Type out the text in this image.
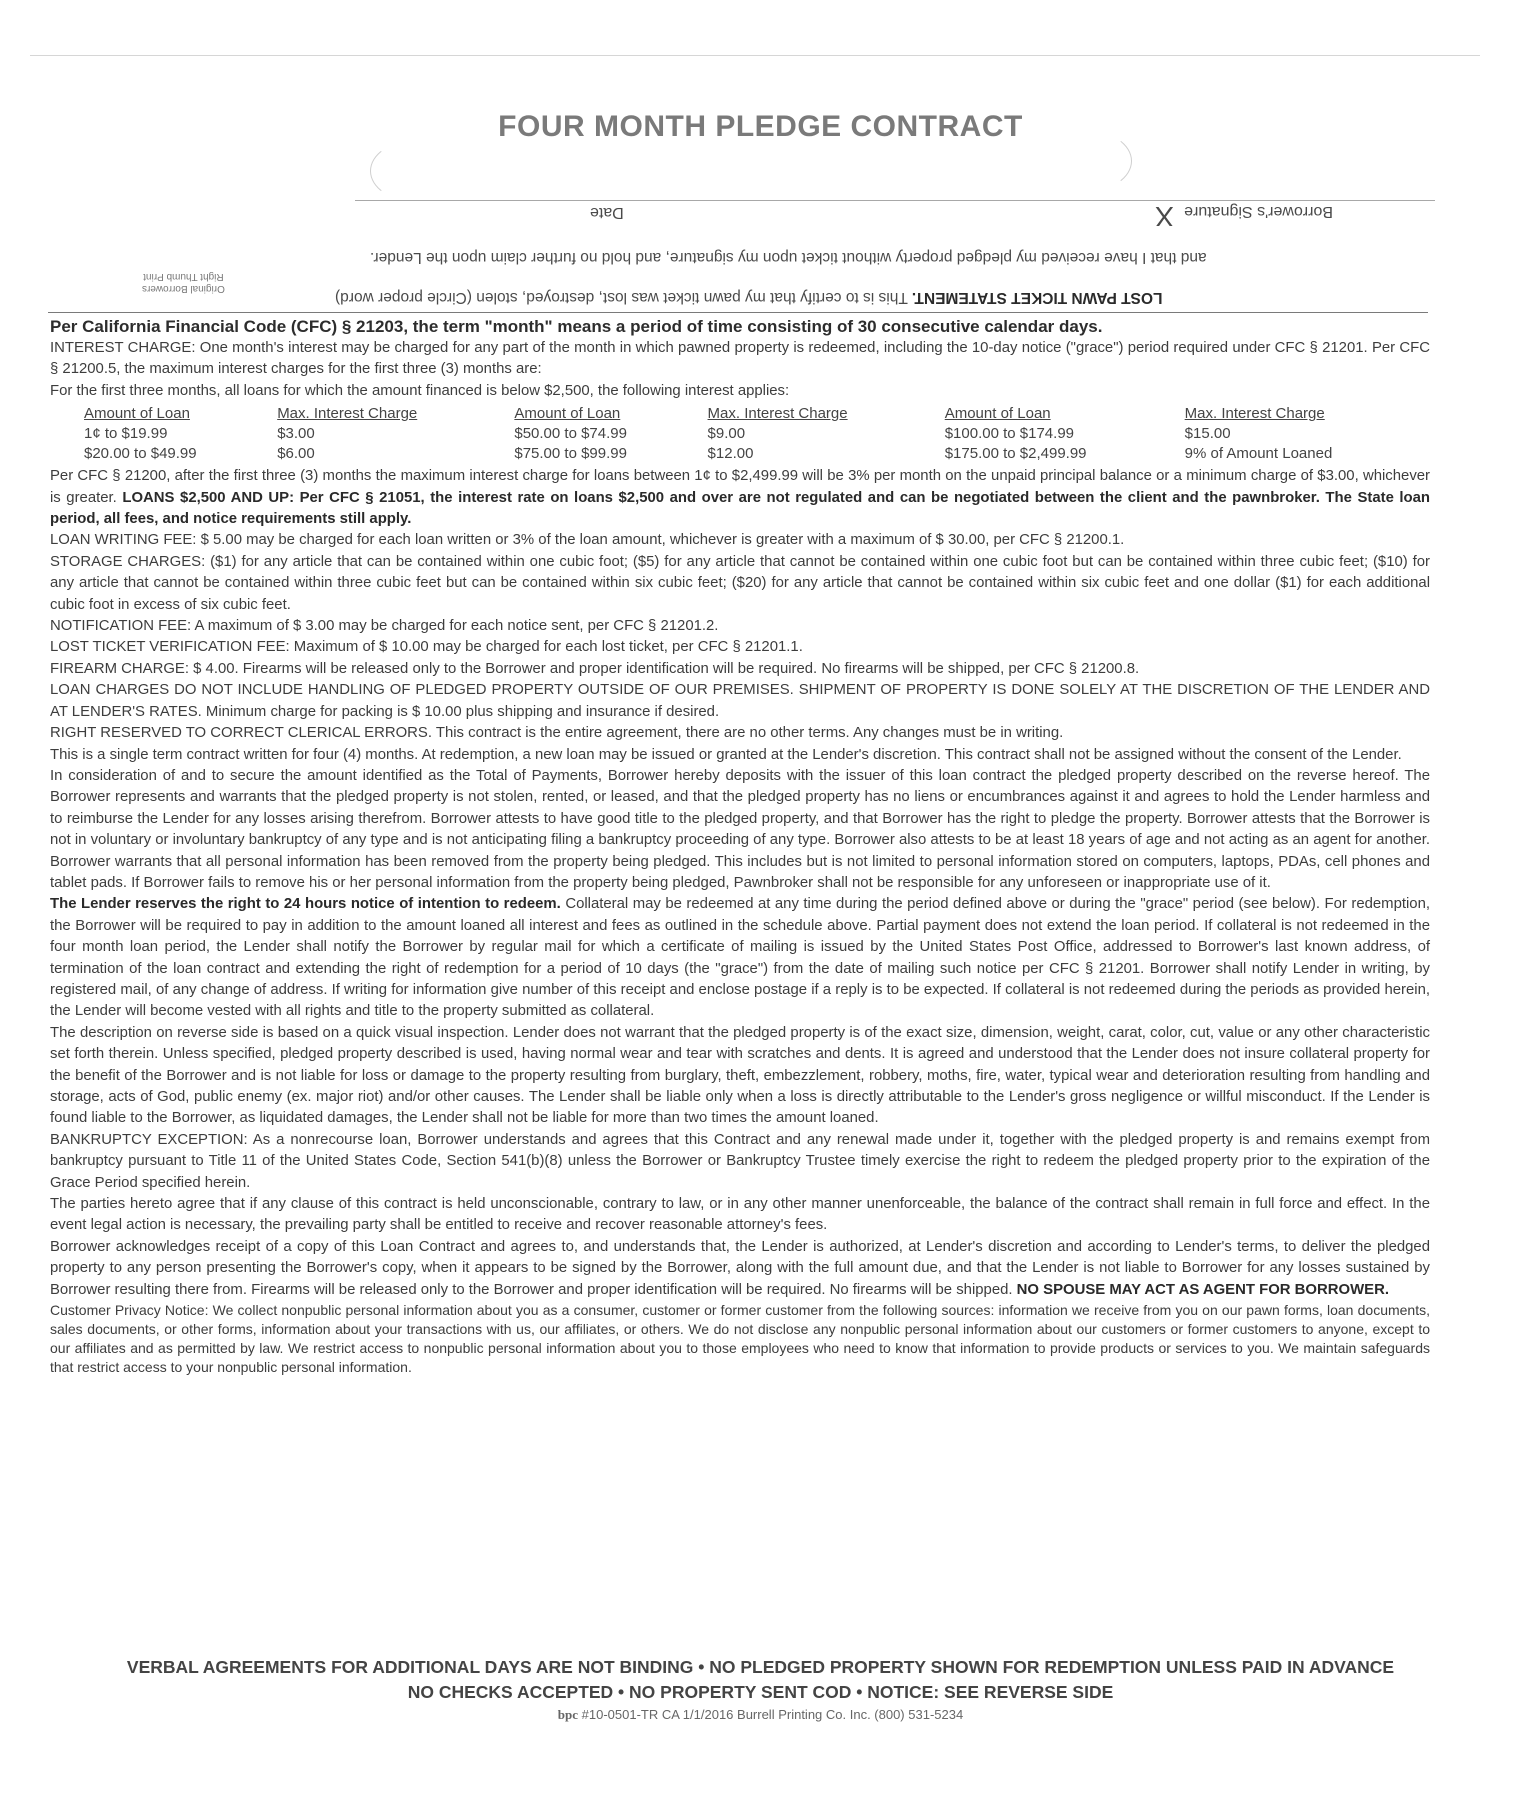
FOUR MONTH PLEDGE CONTRACT
Borrower's Signature X
Date
and that I have received my pledged property without ticket upon my signature, and hold no further claim upon the Lender.
LOST PAWN TICKET STATEMENT. This is to certify that my pawn ticket was lost, destroyed, stolen (Circle proper word)
Original Borrowers
Right Thumb Print

Per California Financial Code (CFC) § 21203, the term "month" means a period of time consisting of 30 consecutive calendar days.

INTEREST CHARGE: One month's interest may be charged for any part of the month in which pawned property is redeemed, including the 10-day notice ("grace") period required under CFC § 21201. Per CFC § 21200.5, the maximum interest charges for the first three (3) months are:

For the first three months, all loans for which the amount financed is below $2,500, the following interest applies:

Amount of Loan	Max. Interest Charge	Amount of Loan	Max. Interest Charge	Amount of Loan	Max. Interest Charge
1¢ to $19.99	$3.00	$50.00 to $74.99	$9.00	$100.00 to $174.99	$15.00
$20.00 to $49.99	$6.00	$75.00 to $99.99	$12.00	$175.00 to $2,499.99	9% of Amount Loaned

Per CFC § 21200, after the first three (3) months the maximum interest charge for loans between 1¢ to $2,499.99 will be 3% per month on the unpaid principal balance or a minimum charge of $3.00, whichever is greater. LOANS $2,500 AND UP: Per CFC § 21051, the interest rate on loans $2,500 and over are not regulated and can be negotiated between the client and the pawnbroker. The State loan period, all fees, and notice requirements still apply.

LOAN WRITING FEE: $ 5.00 may be charged for each loan written or 3% of the loan amount, whichever is greater with a maximum of $ 30.00, per CFC § 21200.1.

STORAGE CHARGES: ($1) for any article that can be contained within one cubic foot; ($5) for any article that cannot be contained within one cubic foot but can be contained within three cubic feet; ($10) for any article that cannot be contained within three cubic feet but can be contained within six cubic feet; ($20) for any article that cannot be contained within six cubic feet and one dollar ($1) for each additional cubic foot in excess of six cubic feet.

NOTIFICATION FEE: A maximum of $ 3.00 may be charged for each notice sent, per CFC § 21201.2.

LOST TICKET VERIFICATION FEE: Maximum of $ 10.00 may be charged for each lost ticket, per CFC § 21201.1.

FIREARM CHARGE: $ 4.00. Firearms will be released only to the Borrower and proper identification will be required. No firearms will be shipped, per CFC § 21200.8.

LOAN CHARGES DO NOT INCLUDE HANDLING OF PLEDGED PROPERTY OUTSIDE OF OUR PREMISES. SHIPMENT OF PROPERTY IS DONE SOLELY AT THE DISCRETION OF THE LENDER AND AT LENDER'S RATES. Minimum charge for packing is $ 10.00 plus shipping and insurance if desired.

RIGHT RESERVED TO CORRECT CLERICAL ERRORS. This contract is the entire agreement, there are no other terms. Any changes must be in writing.

This is a single term contract written for four (4) months. At redemption, a new loan may be issued or granted at the Lender's discretion. This contract shall not be assigned without the consent of the Lender.

In consideration of and to secure the amount identified as the Total of Payments, Borrower hereby deposits with the issuer of this loan contract the pledged property described on the reverse hereof. The Borrower represents and warrants that the pledged property is not stolen, rented, or leased, and that the pledged property has no liens or encumbrances against it and agrees to hold the Lender harmless and to reimburse the Lender for any losses arising therefrom. Borrower attests to have good title to the pledged property, and that Borrower has the right to pledge the property. Borrower attests that the Borrower is not in voluntary or involuntary bankruptcy of any type and is not anticipating filing a bankruptcy proceeding of any type. Borrower also attests to be at least 18 years of age and not acting as an agent for another. Borrower warrants that all personal information has been removed from the property being pledged. This includes but is not limited to personal information stored on computers, laptops, PDAs, cell phones and tablet pads. If Borrower fails to remove his or her personal information from the property being pledged, Pawnbroker shall not be responsible for any unforeseen or inappropriate use of it.

The Lender reserves the right to 24 hours notice of intention to redeem. Collateral may be redeemed at any time during the period defined above or during the "grace" period (see below). For redemption, the Borrower will be required to pay in addition to the amount loaned all interest and fees as outlined in the schedule above. Partial payment does not extend the loan period. If collateral is not redeemed in the four month loan period, the Lender shall notify the Borrower by regular mail for which a certificate of mailing is issued by the United States Post Office, addressed to Borrower's last known address, of termination of the loan contract and extending the right of redemption for a period of 10 days (the "grace") from the date of mailing such notice per CFC § 21201. Borrower shall notify Lender in writing, by registered mail, of any change of address. If writing for information give number of this receipt and enclose postage if a reply is to be expected. If collateral is not redeemed during the periods as provided herein, the Lender will become vested with all rights and title to the property submitted as collateral.

The description on reverse side is based on a quick visual inspection. Lender does not warrant that the pledged property is of the exact size, dimension, weight, carat, color, cut, value or any other characteristic set forth therein. Unless specified, pledged property described is used, having normal wear and tear with scratches and dents. It is agreed and understood that the Lender does not insure collateral property for the benefit of the Borrower and is not liable for loss or damage to the property resulting from burglary, theft, embezzlement, robbery, moths, fire, water, typical wear and deterioration resulting from handling and storage, acts of God, public enemy (ex. major riot) and/or other causes. The Lender shall be liable only when a loss is directly attributable to the Lender's gross negligence or willful misconduct. If the Lender is found liable to the Borrower, as liquidated damages, the Lender shall not be liable for more than two times the amount loaned.

BANKRUPTCY EXCEPTION: As a nonrecourse loan, Borrower understands and agrees that this Contract and any renewal made under it, together with the pledged property is and remains exempt from bankruptcy pursuant to Title 11 of the United States Code, Section 541(b)(8) unless the Borrower or Bankruptcy Trustee timely exercise the right to redeem the pledged property prior to the expiration of the Grace Period specified herein.

The parties hereto agree that if any clause of this contract is held unconscionable, contrary to law, or in any other manner unenforceable, the balance of the contract shall remain in full force and effect. In the event legal action is necessary, the prevailing party shall be entitled to receive and recover reasonable attorney's fees.

Borrower acknowledges receipt of a copy of this Loan Contract and agrees to, and understands that, the Lender is authorized, at Lender's discretion and according to Lender's terms, to deliver the pledged property to any person presenting the Borrower's copy, when it appears to be signed by the Borrower, along with the full amount due, and that the Lender is not liable to Borrower for any losses sustained by Borrower resulting there from. Firearms will be released only to the Borrower and proper identification will be required. No firearms will be shipped. NO SPOUSE MAY ACT AS AGENT FOR BORROWER.

Customer Privacy Notice: We collect nonpublic personal information about you as a consumer, customer or former customer from the following sources: information we receive from you on our pawn forms, loan documents, sales documents, or other forms, information about your transactions with us, our affiliates, or others. We do not disclose any nonpublic personal information about our customers or former customers to anyone, except to our affiliates and as permitted by law. We restrict access to nonpublic personal information about you to those employees who need to know that information to provide products or services to you. We maintain safeguards that restrict access to your nonpublic personal information.

VERBAL AGREEMENTS FOR ADDITIONAL DAYS ARE NOT BINDING • NO PLEDGED PROPERTY SHOWN FOR REDEMPTION UNLESS PAID IN ADVANCE
NO CHECKS ACCEPTED • NO PROPERTY SENT COD • NOTICE: SEE REVERSE SIDE
bpc #10-0501-TR CA 1/1/2016 Burrell Printing Co. Inc. (800) 531-5234
